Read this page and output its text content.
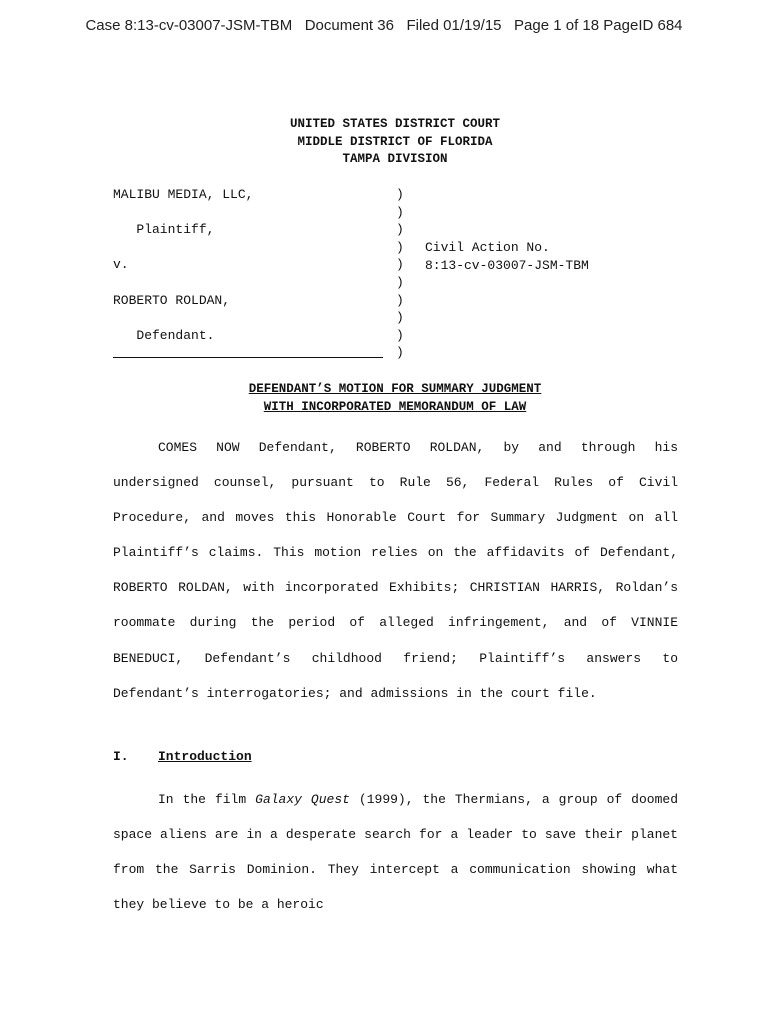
Case 8:13-cv-03007-JSM-TBM Document 36 Filed 01/19/15 Page 1 of 18 PageID 684
UNITED STATES DISTRICT COURT
MIDDLE DISTRICT OF FLORIDA
TAMPA DIVISION
MALIBU MEDIA, LLC,

Plaintiff,

v.

ROBERTO ROLDAN,

Defendant.
)
)
)
)
)
)
)
)
)
)
Civil Action No.
8:13-cv-03007-JSM-TBM
DEFENDANT’S MOTION FOR SUMMARY JUDGMENT
WITH INCORPORATED MEMORANDUM OF LAW

COMES NOW Defendant, ROBERTO ROLDAN, by and through his undersigned counsel, pursuant to Rule 56, Federal Rules of Civil Procedure, and moves this Honorable Court for Summary Judgment on all Plaintiff’s claims. This motion relies on the affidavits of Defendant, ROBERTO ROLDAN, with incorporated Exhibits; CHRISTIAN HARRIS, Roldan’s roommate during the period of alleged infringement, and of VINNIE BENEDUCI, Defendant’s childhood friend; Plaintiff’s answers to Defendant’s interrogatories; and admissions in the court file.

I. Introduction

In the film Galaxy Quest (1999), the Thermians, a group of doomed space aliens are in a desperate search for a leader to save their planet from the Sarris Dominion. They intercept a communication showing what they believe to be a heroic
